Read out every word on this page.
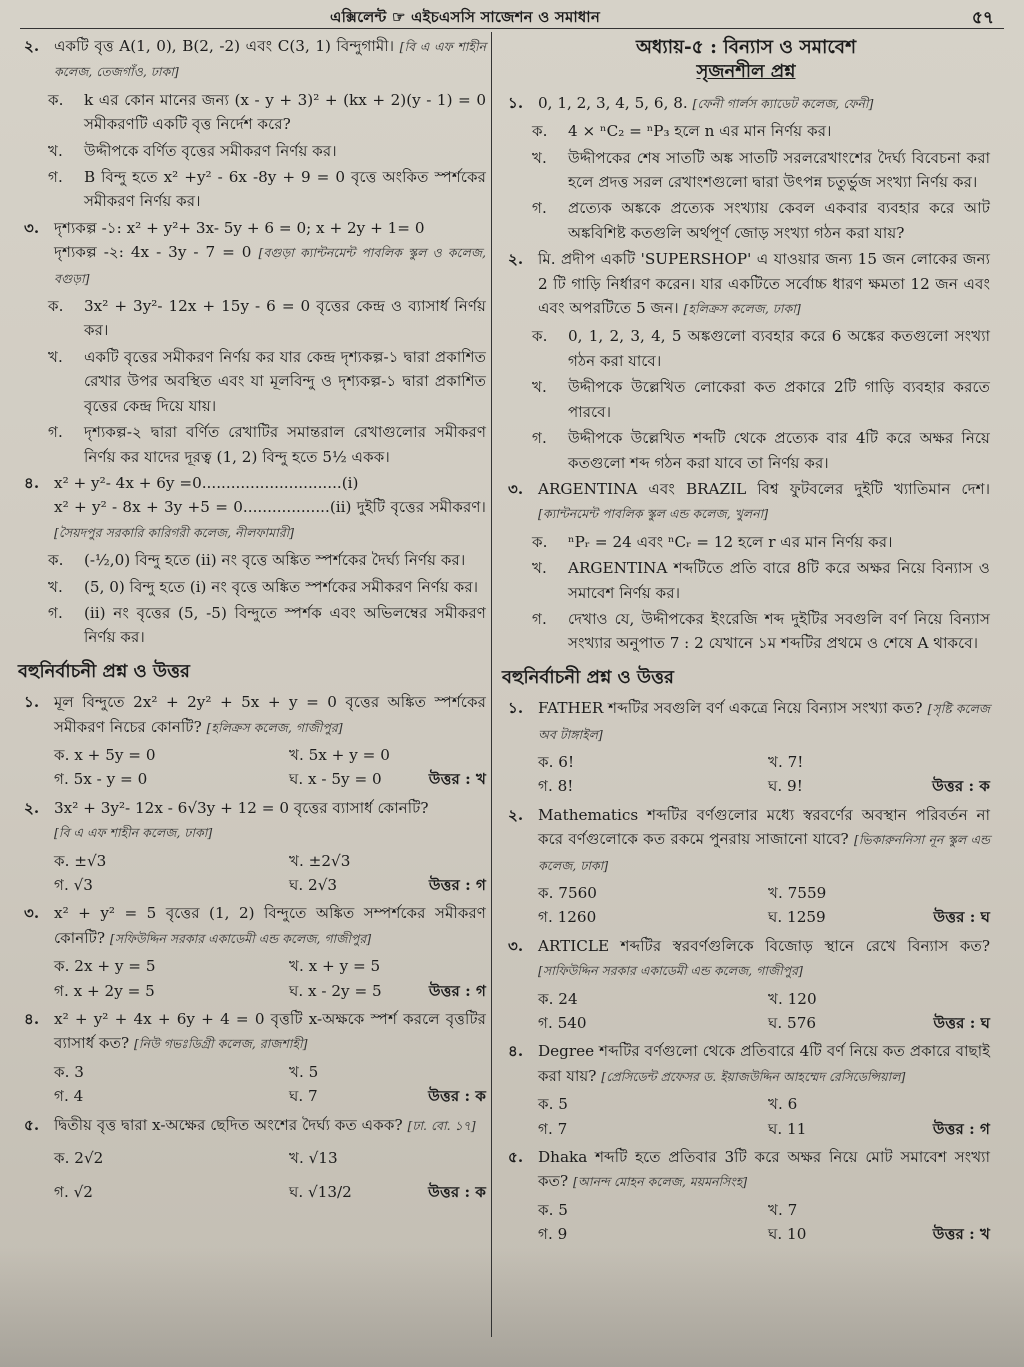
এক্সিলেন্ট ☞ এইচএসসি সাজেশন ও সমাধান	৫৭
২. একটি বৃত্ত A(1, 0), B(2, -2) এবং C(3, 1) বিন্দুগামী। [বি এ এফ শাহীন কলেজ, তেজগাঁও, ঢাকা]
ক. k এর কোন মানের জন্য (x - y + 3)² + (kx + 2)(y - 1) = 0 সমীকরণটি একটি বৃত্ত নির্দেশ করে?
খ. উদ্দীপকে বর্ণিত বৃত্তের সমীকরণ নির্ণয় কর।
গ. B বিন্দু হতে x² +y² - 6x -8y + 9 = 0 বৃত্তে অংকিত স্পর্শকের সমীকরণ নির্ণয় কর।
৩. দৃশ্যকল্প -১: x² + y²+ 3x- 5y + 6 = 0; x + 2y + 1= 0
দৃশ্যকল্প -২: 4x - 3y - 7 = 0 [বগুড়া ক্যান্টনমেন্ট পাবলিক স্কুল ও কলেজ, বগুড়া]
ক. 3x² + 3y²- 12x + 15y - 6 = 0 বৃত্তের কেন্দ্র ও ব্যাসার্ধ নির্ণয় কর।
খ. একটি বৃত্তের সমীকরণ নির্ণয় কর যার কেন্দ্র দৃশ্যকল্প-১ দ্বারা প্রকাশিত রেখার উপর অবস্থিত এবং যা মূলবিন্দু ও দৃশ্যকল্প-১ দ্বারা প্রকাশিত বৃত্তের কেন্দ্র দিয়ে যায়।
গ. দৃশ্যকল্প-২ দ্বারা বর্ণিত রেখাটির সমান্তরাল রেখাগুলোর সমীকরণ নির্ণয় কর যাদের দূরত্ব (1, 2) বিন্দু হতে 5½ একক।
৪. x² + y²- 4x + 6y =0.............................(i)
x² + y² - 8x + 3y +5 = 0..................(ii) দুইটি বৃত্তের সমীকরণ। [সৈয়দপুর সরকারি কারিগরী কলেজ, নীলফামারী]
ক. (-½,0) বিন্দু হতে (ii) নং বৃত্তে অঙ্কিত স্পর্শকের দৈর্ঘ্য নির্ণয় কর।
খ. (5, 0) বিন্দু হতে (i) নং বৃত্তে অঙ্কিত স্পর্শকের সমীকরণ নির্ণয় কর।
গ. (ii) নং বৃত্তের (5, -5) বিন্দুতে স্পর্শক এবং অভিলম্বের সমীকরণ নির্ণয় কর।
বহুনির্বাচনী প্রশ্ন ও উত্তর
১. মূল বিন্দুতে 2x² + 2y² + 5x + y = 0 বৃত্তের অঙ্কিত স্পর্শকের সমীকরণ নিচের কোনটি? [হলিক্রস কলেজ, গাজীপুর]
ক. x + 5y = 0	খ. 5x + y = 0
গ. 5x - y = 0	ঘ. x - 5y = 0	উত্তর : খ
২. 3x² + 3y²- 12x - 6√3y + 12 = 0 বৃত্তের ব্যাসার্ধ কোনটি?
[বি এ এফ শাহীন কলেজ, ঢাকা]
ক. ±√3	খ. ±2√3
গ. √3	ঘ. 2√3	উত্তর : গ
৩. x² + y² = 5 বৃত্তের (1, 2) বিন্দুতে অঙ্কিত সম্পর্শকের সমীকরণ কোনটি? [সফিউদ্দিন সরকার একাডেমী এন্ড কলেজ, গাজীপুর]
ক. 2x + y = 5	খ. x + y = 5
গ. x + 2y = 5	ঘ. x - 2y = 5	উত্তর : গ
৪. x² + y² + 4x + 6y + 4 = 0 বৃত্তটি x-অক্ষকে স্পর্শ করলে বৃত্তটির ব্যাসার্ধ কত? [নিউ গভঃডিগ্রী কলেজ, রাজশাহী]
ক. 3	খ. 5
গ. 4	ঘ. 7	উত্তর : ক
৫. দ্বিতীয় বৃত্ত দ্বারা x-অক্ষের ছেদিত অংশের দৈর্ঘ্য কত একক? [ঢা. বো. ১৭]
ক. 2√2	খ. √13
গ. √2	ঘ. √13/2	উত্তর : ক
অধ্যায়-৫ : বিন্যাস ও সমাবেশ
সৃজনশীল প্রশ্ন
১. 0, 1, 2, 3, 4, 5, 6, 8. [ফেনী গার্লস ক্যাডেট কলেজ, ফেনী]
ক. 4 × ⁿC₂ = ⁿP₃ হলে n এর মান নির্ণয় কর।
খ. উদ্দীপকের শেষ সাতটি অঙ্ক সাতটি সরলরেখাংশের দৈর্ঘ্য বিবেচনা করা হলে প্রদত্ত সরল রেখাংশগুলো দ্বারা উৎপন্ন চতুর্ভুজ সংখ্যা নির্ণয় কর।
গ. প্রত্যেক অঙ্ককে প্রত্যেক সংখ্যায় কেবল একবার ব্যবহার করে আট অঙ্কবিশিষ্ট কতগুলি অর্থপূর্ণ জোড় সংখ্যা গঠন করা যায়?
২. মি. প্রদীপ একটি 'SUPERSHOP' এ যাওয়ার জন্য 15 জন লোকের জন্য 2 টি গাড়ি নির্ধারণ করেন। যার একটিতে সর্বোচ্চ ধারণ ক্ষমতা 12 জন এবং এবং অপরটিতে 5 জন। [হলিক্রস কলেজ, ঢাকা]
ক. 0, 1, 2, 3, 4, 5 অঙ্কগুলো ব্যবহার করে 6 অঙ্কের কতগুলো সংখ্যা গঠন করা যাবে।
খ. উদ্দীপকে উল্লেখিত লোকেরা কত প্রকারে 2টি গাড়ি ব্যবহার করতে পারবে।
গ. উদ্দীপকে উল্লেখিত শব্দটি থেকে প্রত্যেক বার 4টি করে অক্ষর নিয়ে কতগুলো শব্দ গঠন করা যাবে তা নির্ণয় কর।
৩. ARGENTINA এবং BRAZIL বিশ্ব ফুটবলের দুইটি খ্যাতিমান দেশ। [ক্যান্টনমেন্ট পাবলিক স্কুল এন্ড কলেজ, খুলনা]
ক. ⁿPᵣ = 24 এবং ⁿCᵣ = 12 হলে r এর মান নির্ণয় কর।
খ. ARGENTINA শব্দটিতে প্রতি বারে 8টি করে অক্ষর নিয়ে বিন্যাস ও সমাবেশ নির্ণয় কর।
গ. দেখাও যে, উদ্দীপকের ইংরেজি শব্দ দুইটির সবগুলি বর্ণ নিয়ে বিন্যাস সংখ্যার অনুপাত 7 : 2 যেখানে ১ম শব্দটির প্রথমে ও শেষে A থাকবে।
বহুনির্বাচনী প্রশ্ন ও উত্তর
১. FATHER শব্দটির সবগুলি বর্ণ একত্রে নিয়ে বিন্যাস সংখ্যা কত? [সৃষ্টি কলেজ অব টাঙ্গাইল]
ক. 6!	খ. 7!
গ. 8!	ঘ. 9!	উত্তর : ক
২. Mathematics শব্দটির বর্ণগুলোর মধ্যে স্বরবর্ণের অবস্থান পরিবর্তন না করে বর্ণগুলোকে কত রকমে পুনরায় সাজানো যাবে? [ভিকারুননিসা নূন স্কুল এন্ড কলেজ, ঢাকা]
ক. 7560	খ. 7559
গ. 1260	ঘ. 1259	উত্তর : ঘ
৩. ARTICLE শব্দটির স্বরবর্ণগুলিকে বিজোড় স্থানে রেখে বিন্যাস কত? [সাফিউদ্দিন সরকার একাডেমী এন্ড কলেজ, গাজীপুর]
ক. 24	খ. 120
গ. 540	ঘ. 576	উত্তর : ঘ
৪. Degree শব্দটির বর্ণগুলো থেকে প্রতিবারে 4টি বর্ণ নিয়ে কত প্রকারে বাছাই করা যায়? [প্রেসিডেন্ট প্রফেসর ড. ইয়াজউদ্দিন আহম্মেদ রেসিডেন্সিয়াল]
ক. 5	খ. 6
গ. 7	ঘ. 11	উত্তর : গ
৫. Dhaka শব্দটি হতে প্রতিবার 3টি করে অক্ষর নিয়ে মোট সমাবেশ সংখ্যা কত? [আনন্দ মোহন কলেজ, ময়মনসিংহ]
ক. 5	খ. 7
গ. 9	ঘ. 10	উত্তর : খ
